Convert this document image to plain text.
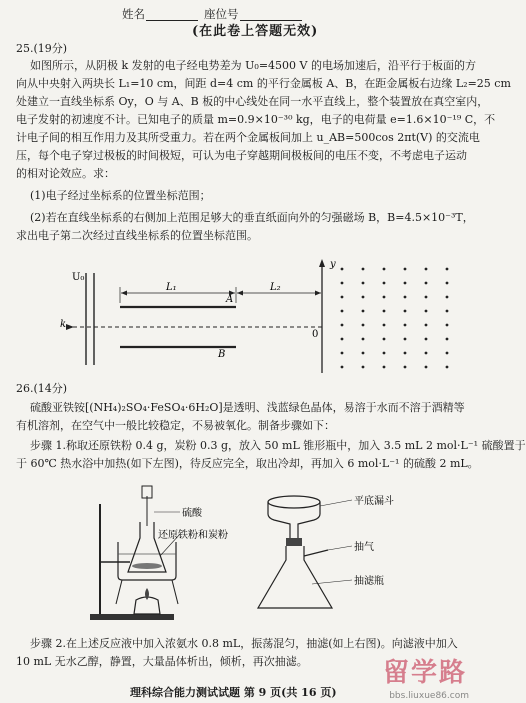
姓名	座位号
(在此卷上答题无效)
25.(19分)
如图所示，从阴极 k 发射的电子经电势差为 U₀=4500 V 的电场加速后，沿平行于板面的方
向从中央射入两块长 L₁=10 cm，间距 d=4 cm 的平行金属板 A、B，在距金属板右边缘 L₂=25 cm
处建立一直线坐标系 Oy，O 与 A、B 板的中心线处在同一水平直线上，整个装置放在真空室内，
电子发射的初速度不计。已知电子的质量 m=0.9×10⁻³⁰ kg，电子的电荷量 e=1.6×10⁻¹⁹ C，不
计电子间的相互作用力及其所受重力。若在两个金属板间加上 u_AB=500cos 2πt(V) 的交流电
压，每个电子穿过极板的时间极短，可认为电子穿越期间极板间的电压不变，不考虑电子运动
的相对论效应。求：
(1)电子经过坐标系的位置坐标范围；
(2)若在直线坐标系的右侧加上范围足够大的垂直纸面向外的匀强磁场 B，B=4.5×10⁻³T，
求出电子第二次经过直线坐标系的位置坐标范围。
U₀
k
A
B
L₁	L₂
y
0
26.(14分)
硫酸亚铁铵[(NH₄)₂SO₄·FeSO₄·6H₂O]是透明、浅蓝绿色晶体，易溶于水而不溶于酒精等
有机溶剂，在空气中一般比较稳定，不易被氧化。制备步骤如下：
步骤 1.称取还原铁粉 0.4 g，炭粉 0.3 g，放入 50 mL 锥形瓶中，加入 3.5 mL 2 mol·L⁻¹ 硫酸置于
于 60℃ 热水浴中加热(如下左图)，待反应完全，取出冷却，再加入 6 mol·L⁻¹ 的硫酸 2 mL。
硫酸
还原铁粉和炭粉
平底漏斗
抽气
抽滤瓶
步骤 2.在上述反应液中加入浓氨水 0.8 mL，振荡混匀，抽滤(如上右图)。向滤液中加入
10 mL 无水乙醇，静置，大量晶体析出，倾析，再次抽滤。
理科综合能力测试试题 第 9 页(共 16 页)
留学路
bbs.liuxue86.com
